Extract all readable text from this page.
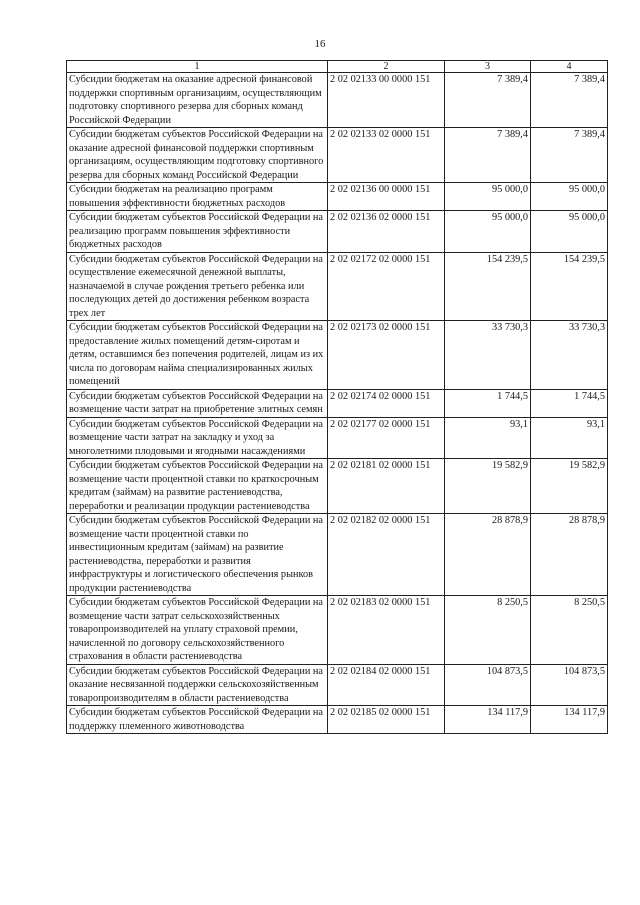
16
1	2	3	4
Субсидии бюджетам на оказание адресной финансовой поддержки спортивным организациям, осуществляющим подготовку спортивного резерва для сборных команд Российской Федерации	2 02 02133 00 0000 151	7 389,4	7 389,4
Субсидии бюджетам субъектов Российской Федерации на оказание адресной финансовой поддержки спортивным организациям, осуществляющим подготовку спортивного резерва для сборных команд Российской Федерации	2 02 02133 02 0000 151	7 389,4	7 389,4
Субсидии бюджетам на реализацию программ повышения эффективности бюджетных расходов	2 02 02136 00 0000 151	95 000,0	95 000,0
Субсидии бюджетам субъектов Российской Федерации на реализацию программ повышения эффективности бюджетных расходов	2 02 02136 02 0000 151	95 000,0	95 000,0
Субсидии бюджетам субъектов Российской Федерации на осуществление ежемесячной денежной выплаты, назначаемой в случае рождения третьего ребенка или последующих детей до достижения ребенком возраста трех лет	2 02 02172 02 0000 151	154 239,5	154 239,5
Субсидии бюджетам субъектов Российской Федерации на предоставление жилых помещений детям-сиротам и детям, оставшимся без попечения родителей, лицам из их числа по договорам найма специализированных жилых помещений	2 02 02173 02 0000 151	33 730,3	33 730,3
Субсидии бюджетам субъектов Российской Федерации на возмещение части затрат на приобретение элитных семян	2 02 02174 02 0000 151	1 744,5	1 744,5
Субсидии бюджетам субъектов Российской Федерации на возмещение части затрат на закладку и уход за многолетними плодовыми и ягодными насаждениями	2 02 02177 02 0000 151	93,1	93,1
Субсидии бюджетам субъектов Российской Федерации на возмещение части процентной ставки по краткосрочным кредитам (займам) на развитие растениеводства, переработки и реализации продукции растениеводства	2 02 02181 02 0000 151	19 582,9	19 582,9
Субсидии бюджетам субъектов Российской Федерации на возмещение части процентной ставки по инвестиционным кредитам (займам) на развитие растениеводства, переработки и развития инфраструктуры и логистического обеспечения рынков продукции растениеводства	2 02 02182 02 0000 151	28 878,9	28 878,9
Субсидии бюджетам субъектов Российской Федерации на возмещение части затрат сельскохозяйственных товаропроизводителей на уплату страховой премии, начисленной по договору сельскохозяйственного страхования в области растениеводства	2 02 02183 02 0000 151	8 250,5	8 250,5
Субсидии бюджетам субъектов Российской Федерации на оказание несвязанной поддержки сельскохозяйственным товаропроизводителям в области растениеводства	2 02 02184 02 0000 151	104 873,5	104 873,5
Субсидии бюджетам субъектов Российской Федерации на поддержку племенного животноводства	2 02 02185 02 0000 151	134 117,9	134 117,9
